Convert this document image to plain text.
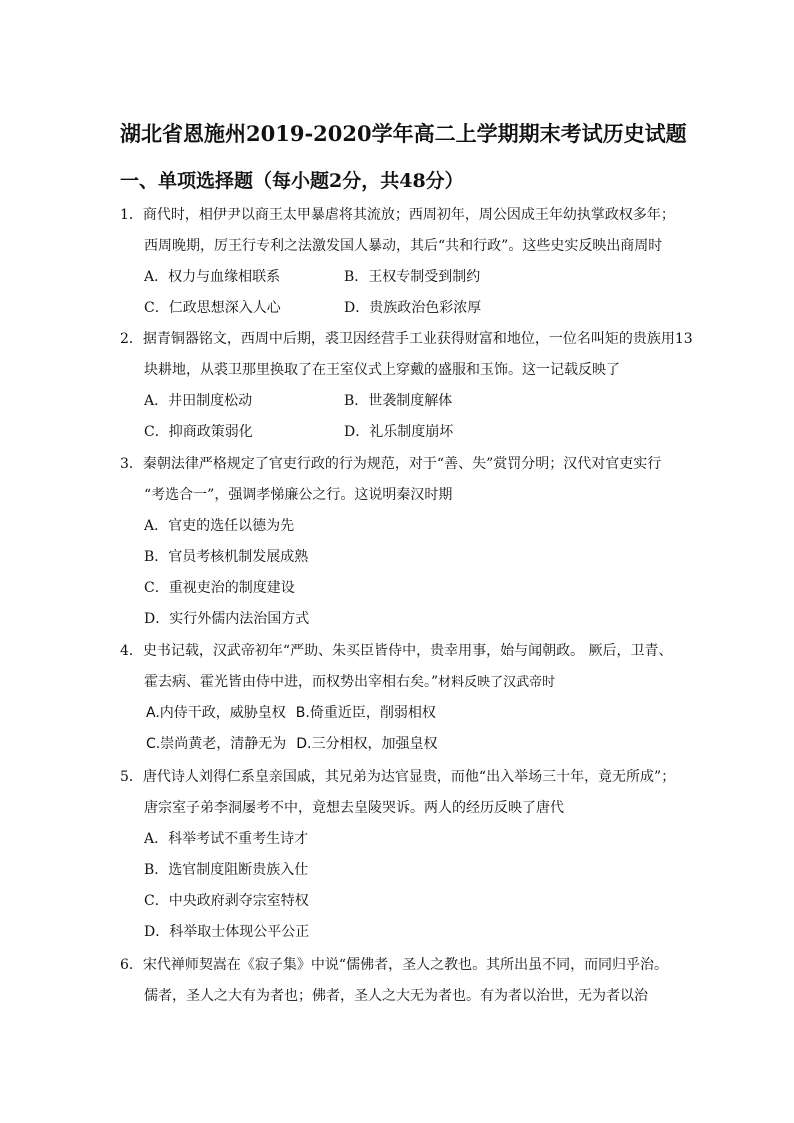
湖北省恩施州2019-2020学年高二上学期期末考试历史试题
一、单项选择题（每小题2分，共48分）
1．商代时，相伊尹以商王太甲暴虐将其流放；西周初年，周公因成王年幼执掌政权多年；
西周晚期，厉王行专利之法激发国人暴动，其后“共和行政”。这些史实反映出商周时
A．权力与血缘相联系	B．王权专制受到制约
C．仁政思想深入人心	D．贵族政治色彩浓厚
2．据青铜器铭文，西周中后期，裘卫因经营手工业获得财富和地位，一位名叫矩的贵族用13
块耕地，从裘卫那里换取了在王室仪式上穿戴的盛服和玉饰。这一记载反映了
A．井田制度松动	B．世袭制度解体
C．抑商政策弱化	D．礼乐制度崩坏
3．秦朝法律严格规定了官吏行政的行为规范，对于“善、失”赏罚分明；汉代对官吏实行
“考选合一”，强调孝悌廉公之行。这说明秦汉时期
A．官吏的选任以德为先
B．官员考核机制发展成熟
C．重视吏治的制度建设
D．实行外儒内法治国方式
4．史书记载，汉武帝初年“严助、朱买臣皆侍中，贵幸用事，始与闻朝政。 厥后，卫青、
霍去病、霍光皆由侍中进，而权势出宰相右矣。”材料反映了汉武帝时
A.内侍干政，威胁皇权 B.倚重近臣，削弱相权
C.崇尚黄老，清静无为 D.三分相权，加强皇权
5．唐代诗人刘得仁系皇亲国戚，其兄弟为达官显贵，而他“出入举场三十年，竟无所成”；
唐宗室子弟李洞屡考不中，竟想去皇陵哭诉。两人的经历反映了唐代
A．科举考试不重考生诗才
B．选官制度阻断贵族入仕
C．中央政府剥夺宗室特权
D．科举取士体现公平公正
6．宋代禅师契嵩在《寂子集》中说“儒佛者，圣人之教也。其所出虽不同，而同归乎治。
儒者，圣人之大有为者也；佛者，圣人之大无为者也。有为者以治世，无为者以治
